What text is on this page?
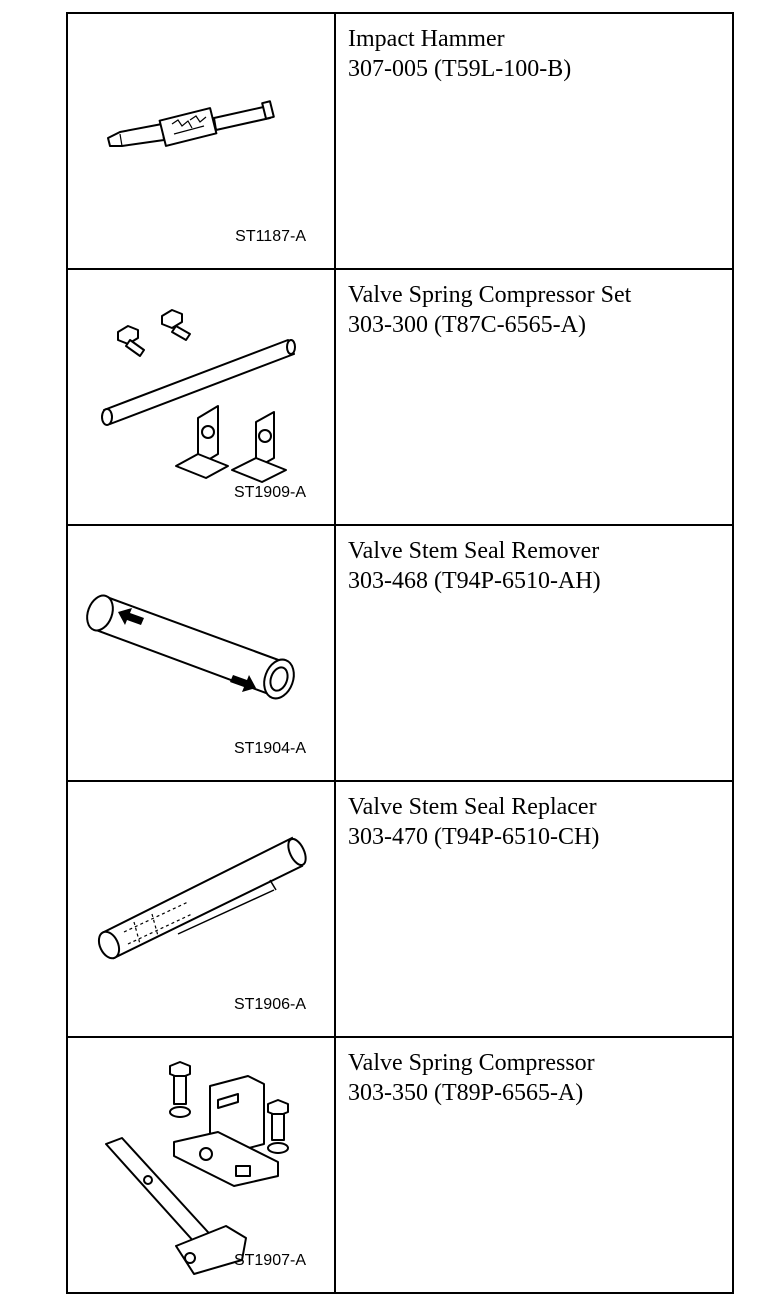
ST1187-A
Impact Hammer
307-005 (T59L-100-B)
ST1909-A
Valve Spring Compressor Set
303-300 (T87C-6565-A)
ST1904-A
Valve Stem Seal Remover
303-468 (T94P-6510-AH)
ST1906-A
Valve Stem Seal Replacer
303-470 (T94P-6510-CH)
ST1907-A
Valve Spring Compressor
303-350 (T89P-6565-A)
